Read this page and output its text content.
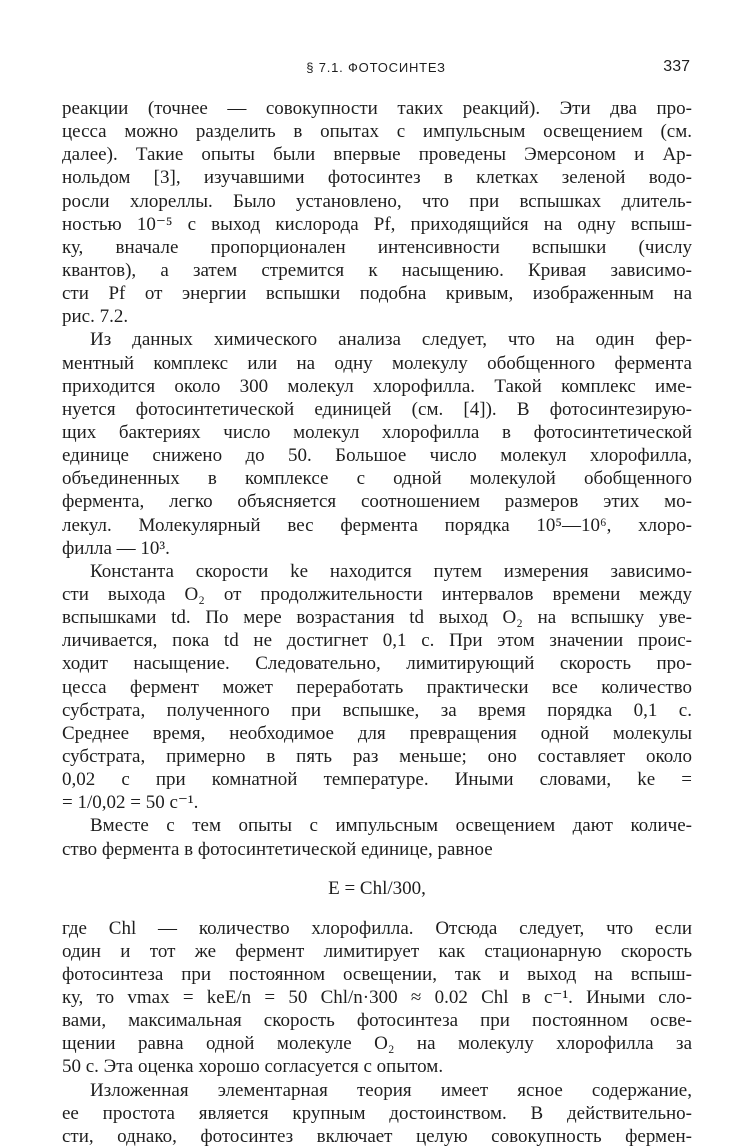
§ 7.1. ФОТОСИНТЕЗ	337
реакции (точнее — совокупности таких реакций). Эти два про-
цесса можно разделить в опытах с импульсным освещением (см.
далее). Такие опыты были впервые проведены Эмерсоном и Ар-
нольдом [3], изучавшими фотосинтез в клетках зеленой водо-
росли хлореллы. Было установлено, что при вспышках длитель-
ностью 10⁻⁵ с выход кислорода Pf, приходящийся на одну вспыш-
ку, вначале пропорционален интенсивности вспышки (числу
квантов), а затем стремится к насыщению. Кривая зависимо-
сти Pf от энергии вспышки подобна кривым, изображенным на
рис. 7.2.
Из данных химического анализа следует, что на один фер-
ментный комплекс или на одну молекулу обобщенного фермента
приходится около 300 молекул хлорофилла. Такой комплекс име-
нуется фотосинтетической единицей (см. [4]). В фотосинтезирую-
щих бактериях число молекул хлорофилла в фотосинтетической
единице снижено до 50. Большое число молекул хлорофилла,
объединенных в комплексе с одной молекулой обобщенного
фермента, легко объясняется соотношением размеров этих мо-
лекул. Молекулярный вес фермента порядка 10⁵—10⁶, хлоро-
филла — 10³.
Константа скорости ke находится путем измерения зависимо-
сти выхода O₂ от продолжительности интервалов времени между
вспышками td. По мере возрастания td выход O₂ на вспышку уве-
личивается, пока td не достигнет 0,1 с. При этом значении проис-
ходит насыщение. Следовательно, лимитирующий скорость про-
цесса фермент может переработать практически все количество
субстрата, полученного при вспышке, за время порядка 0,1 с.
Среднее время, необходимое для превращения одной молекулы
субстрата, примерно в пять раз меньше; оно составляет около
0,02 с при комнатной температуре. Иными словами, ke =
= 1/0,02 = 50 с⁻¹.
Вместе с тем опыты с импульсным освещением дают количе-
ство фермента в фотосинтетической единице, равное
E = Chl/300,
где Chl — количество хлорофилла. Отсюда следует, что если
один и тот же фермент лимитирует как стационарную скорость
фотосинтеза при постоянном освещении, так и выход на вспыш-
ку, то vmax = keE/n = 50 Chl/n·300 ≈ 0.02 Chl в с⁻¹. Иными сло-
вами, максимальная скорость фотосинтеза при постоянном осве-
щении равна одной молекуле O₂ на молекулу хлорофилла за
50 с. Эта оценка хорошо согласуется с опытом.
Изложенная элементарная теория имеет ясное содержание,
ее простота является крупным достоинством. В действительно-
сти, однако, фотосинтез включает целую совокупность фермен-
